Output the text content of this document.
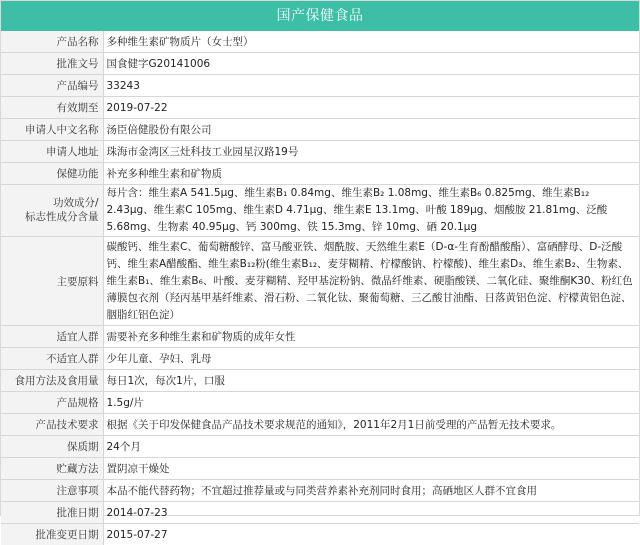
国产保健食品
产品名称	多种维生素矿物质片（女士型）
批准文号	国食健字G20141006
产品编号	33243
有效期至	2019-07-22
申请人中文名称	汤臣倍健股份有限公司
申请人地址	珠海市金湾区三灶科技工业园星汉路19号
保健功能	补充多种维生素和矿物质
功效成分/
标志性成分含量	每片含：维生素A 541.5μg、维生素B₁ 0.84mg、维生素B₂ 1.08mg、维生素B₆ 0.825mg、维生素B₁₂ 2.43μg、维生素C 105mg、维生素D 4.71μg、维生素E 13.1mg、叶酸 189μg、烟酸胺 21.81mg、泛酸 5.68mg、生物素 40.95μg、钙 300mg、铁 15.3mg、锌 10mg、硒 20.1μg
主要原料	碳酸钙、维生素C、葡萄糖酸锌、富马酸亚铁、烟酰胺、天然维生素E（D-α-生育酚醋酸酯）、富硒酵母、D-泛酸钙、维生素A醋酸酯、维生素B₁₂粉(维生素B₁₂、麦芽糊精、柠檬酸钠、柠檬酸)、维生素D₃、维生素B₂、生物素、维生素B₁、维生素B₆、叶酸、麦芽糊精、羟甲基淀粉钠、微晶纤维素、硬脂酸镁、二氧化硅、聚维酮K30、粉红色薄膜包衣剂（羟丙基甲基纤维素、滑石粉、二氧化钛、聚葡萄糖、三乙酸甘油酯、日落黄铝色淀、柠檬黄铝色淀、胭脂红铝色淀）
适宜人群	需要补充多种维生素和矿物质的成年女性
不适宜人群	少年儿童、孕妇、乳母
食用方法及食用量	每日1次，每次1片，口服
产品规格	1.5g/片
产品技术要求	根据《关于印发保健食品产品技术要求规范的通知》，2011年2月1日前受理的产品暂无技术要求。
保质期	24个月
贮藏方法	置阴凉干燥处
注意事项	本品不能代替药物；不宜超过推荐量或与同类营养素补充剂同时食用；高硒地区人群不宜食用
批准日期	2014-07-23
批准变更日期	2015-07-27
